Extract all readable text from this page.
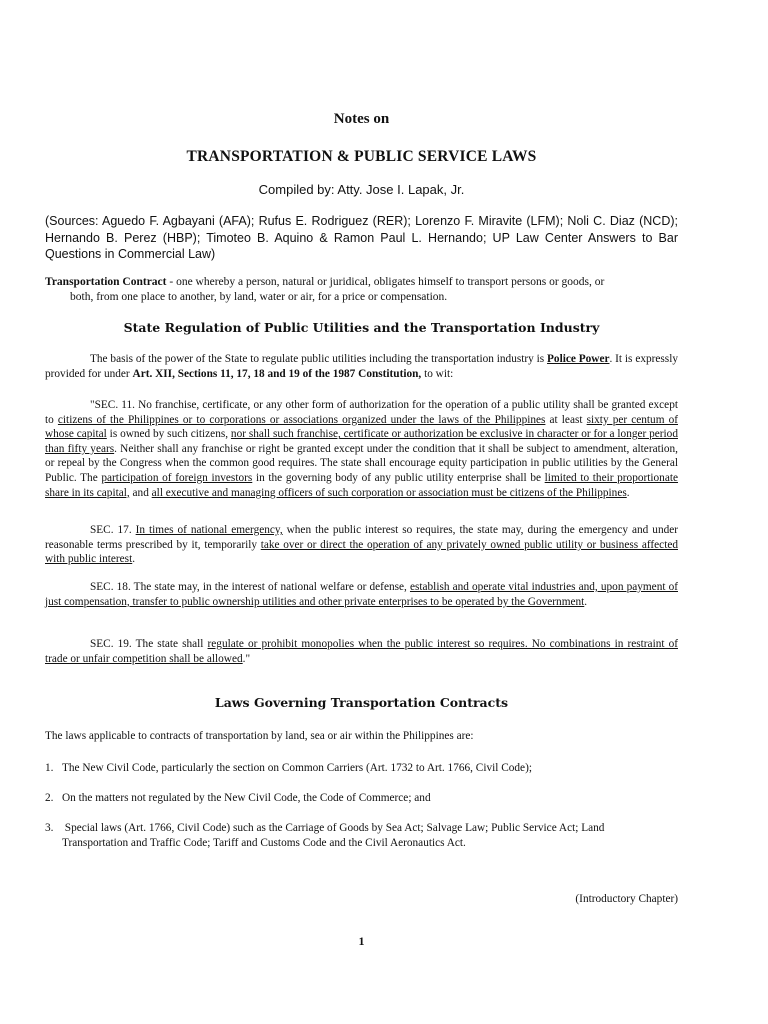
Notes on
TRANSPORTATION & PUBLIC SERVICE LAWS
Compiled by: Atty. Jose I. Lapak, Jr.
(Sources: Aguedo F. Agbayani (AFA); Rufus E. Rodriguez (RER); Lorenzo F. Miravite (LFM); Noli C. Diaz (NCD); Hernando B. Perez (HBP); Timoteo B. Aquino & Ramon Paul L. Hernando; UP Law Center Answers to Bar Questions in Commercial Law)
Transportation Contract - one whereby a person, natural or juridical, obligates himself to transport persons or goods, or
both, from one place to another, by land, water or air, for a price or compensation.
State Regulation of Public Utilities and the Transportation Industry
The basis of the power of the State to regulate public utilities including the transportation industry is Police Power. It is expressly provided for under Art. XII, Sections 11, 17, 18 and 19 of the 1987 Constitution, to wit:
"SEC. 11. No franchise, certificate, or any other form of authorization for the operation of a public utility shall be granted except to citizens of the Philippines or to corporations or associations organized under the laws of the Philippines at least sixty per centum of whose capital is owned by such citizens, nor shall such franchise, certificate or authorization be exclusive in character or for a longer period than fifty years. Neither shall any franchise or right be granted except under the condition that it shall be subject to amendment, alteration, or repeal by the Congress when the common good requires. The state shall encourage equity participation in public utilities by the General Public. The participation of foreign investors in the governing body of any public utility enterprise shall be limited to their proportionate share in its capital, and all executive and managing officers of such corporation or association must be citizens of the Philippines.
SEC. 17. In times of national emergency, when the public interest so requires, the state may, during the emergency and under reasonable terms prescribed by it, temporarily take over or direct the operation of any privately owned public utility or business affected with public interest.
SEC. 18. The state may, in the interest of national welfare or defense, establish and operate vital industries and, upon payment of just compensation, transfer to public ownership utilities and other private enterprises to be operated by the Government.
SEC. 19. The state shall regulate or prohibit monopolies when the public interest so requires. No combinations in restraint of trade or unfair competition shall be allowed."
Laws Governing Transportation Contracts
The laws applicable to contracts of transportation by land, sea or air within the Philippines are:
1. The New Civil Code, particularly the section on Common Carriers (Art. 1732 to Art. 1766, Civil Code);
2. On the matters not regulated by the New Civil Code, the Code of Commerce; and
3. Special laws (Art. 1766, Civil Code) such as the Carriage of Goods by Sea Act; Salvage Law; Public Service Act; Land
Transportation and Traffic Code; Tariff and Customs Code and the Civil Aeronautics Act.
(Introductory Chapter)
1
